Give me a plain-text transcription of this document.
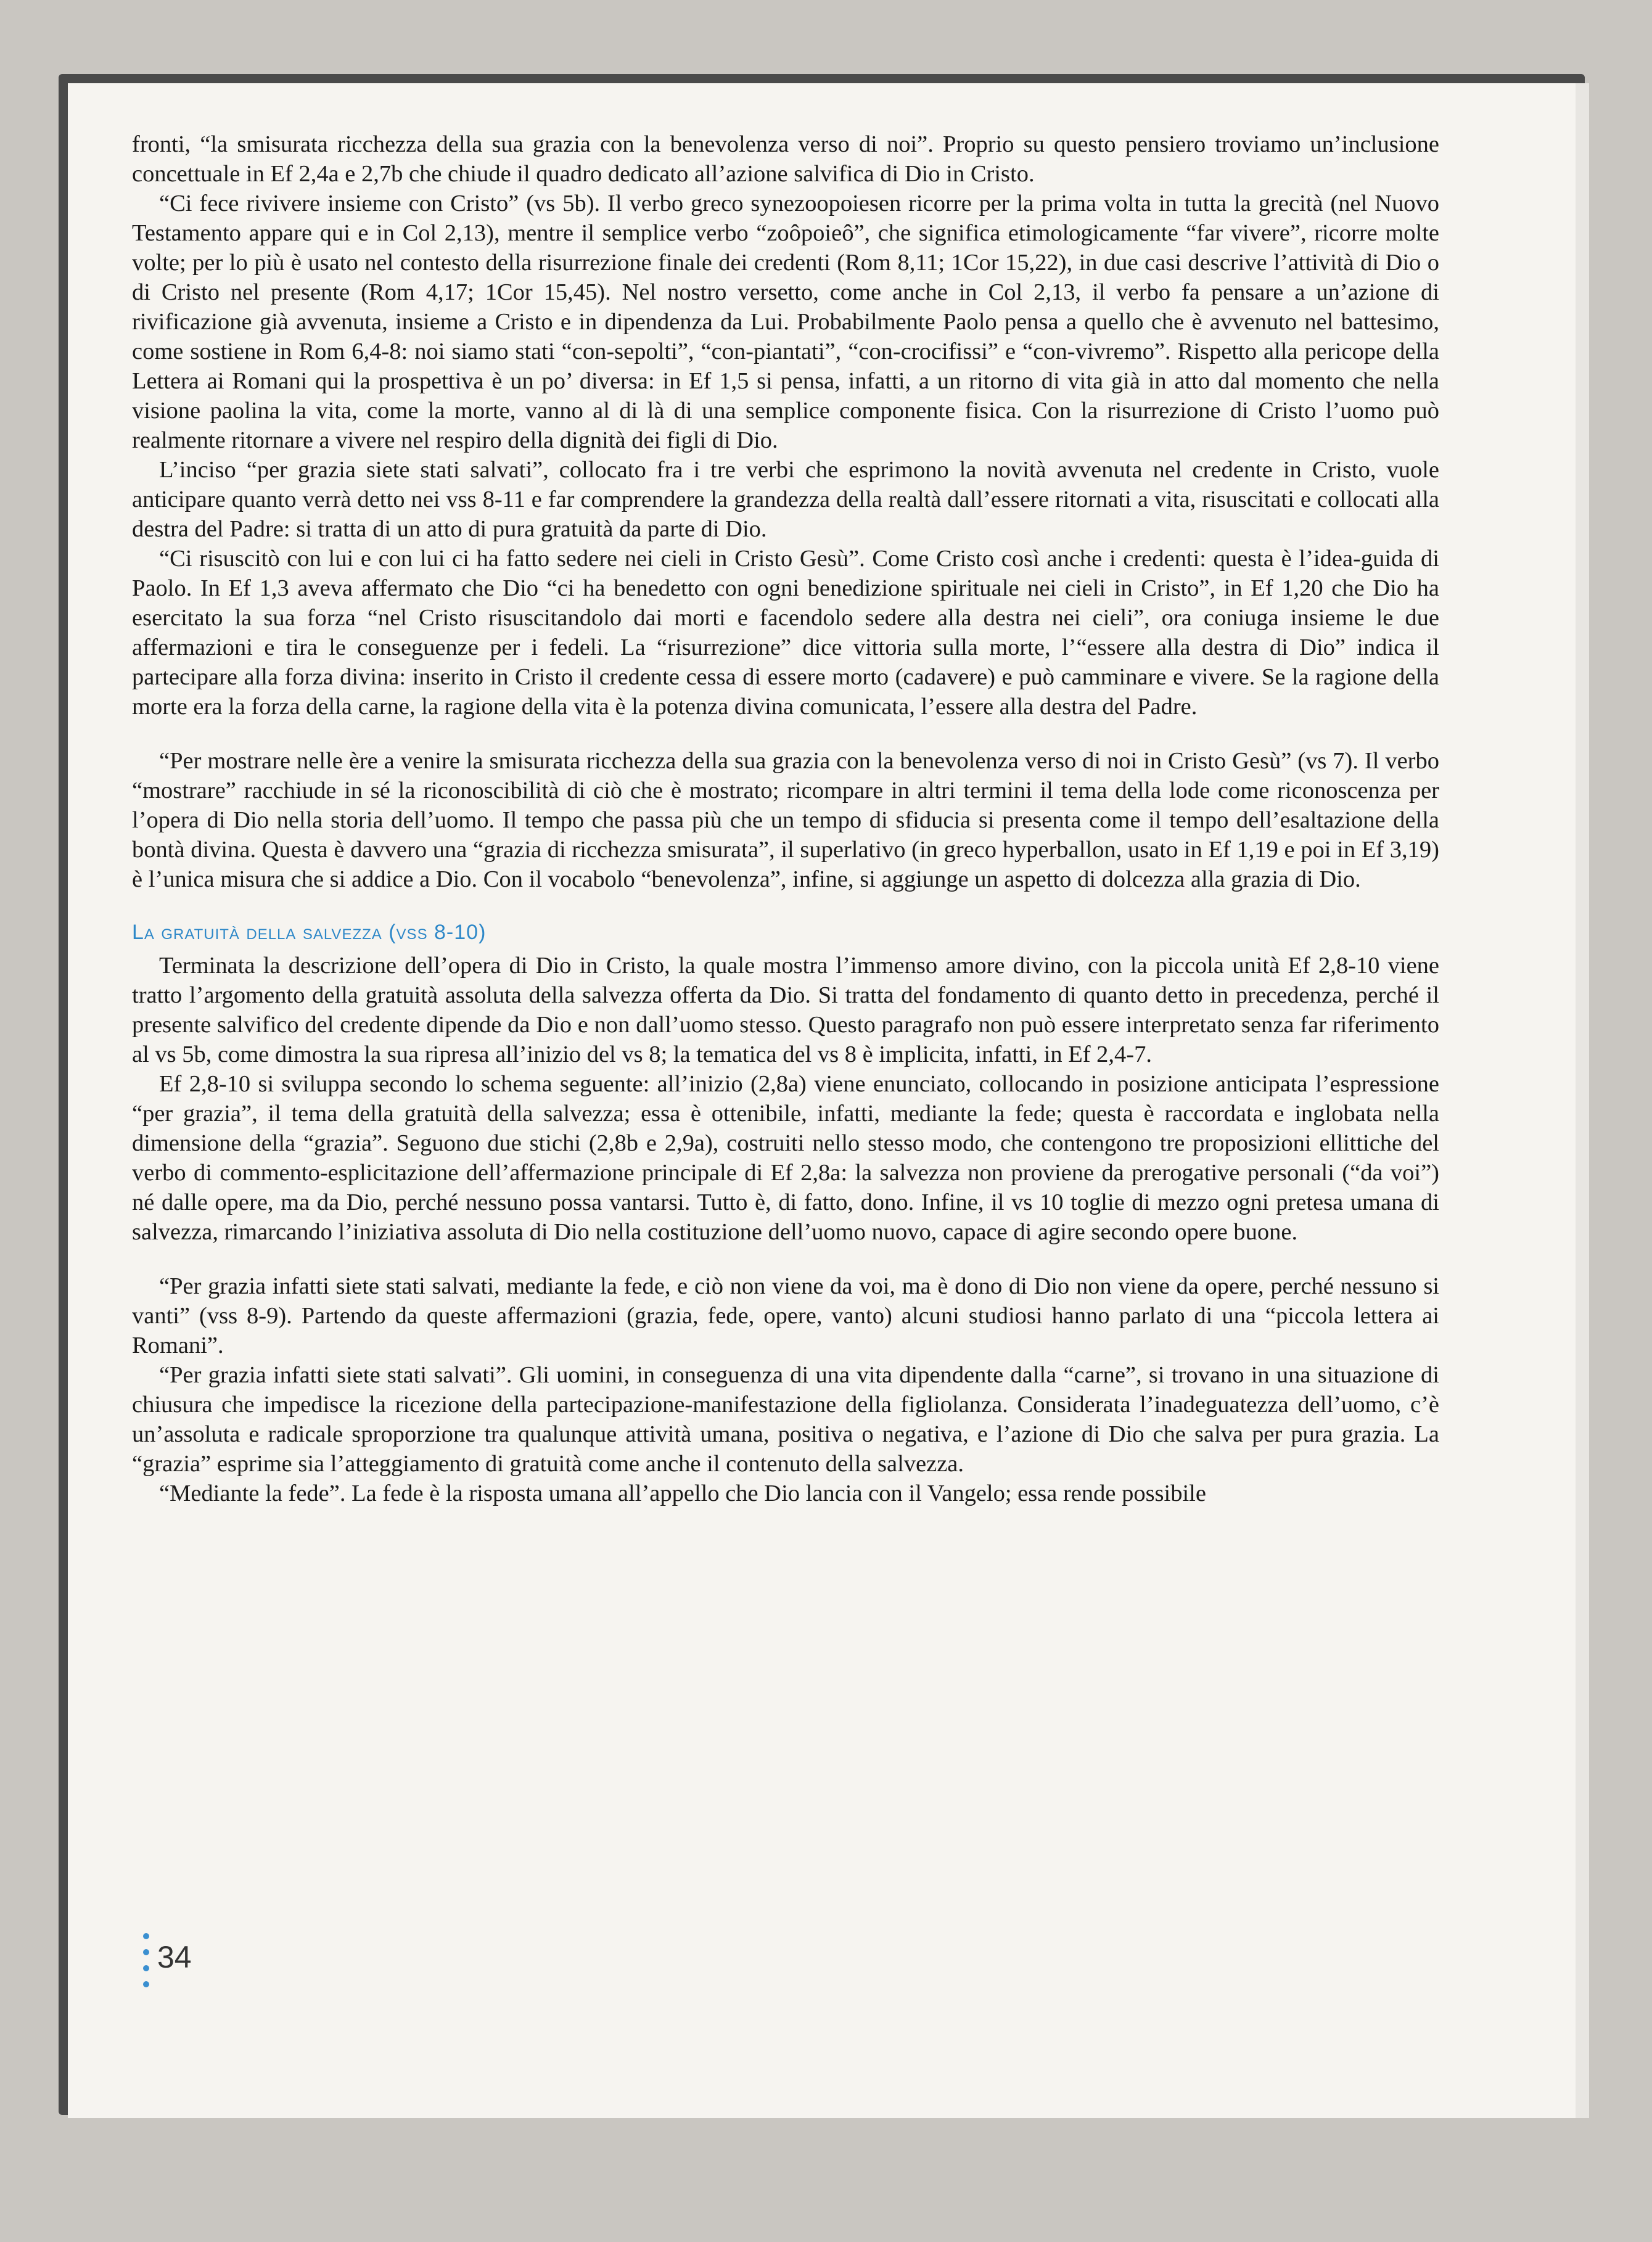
fronti, “la smisurata ricchezza della sua grazia con la benevolenza verso di noi”. Proprio su questo pensiero troviamo un’inclusione concettuale in Ef 2,4a e 2,7b che chiude il quadro dedicato all’azione salvifica di Dio in Cristo.

“Ci fece rivivere insieme con Cristo” (vs 5b). Il verbo greco synezoopoiesen ricorre per la prima volta in tutta la grecità (nel Nuovo Testamento appare qui e in Col 2,13), mentre il semplice verbo “zoôpoieô”, che significa etimologicamente “far vivere”, ricorre molte volte; per lo più è usato nel contesto della risurrezione finale dei credenti (Rom 8,11; 1Cor 15,22), in due casi descrive l’attività di Dio o di Cristo nel presente (Rom 4,17; 1Cor 15,45). Nel nostro versetto, come anche in Col 2,13, il verbo fa pensare a un’azione di rivificazione già avvenuta, insieme a Cristo e in dipendenza da Lui. Probabilmente Paolo pensa a quello che è avvenuto nel battesimo, come sostiene in Rom 6,4-8: noi siamo stati “con-sepolti”, “con-piantati”, “con-crocifissi” e “con-vivremo”. Rispetto alla pericope della Lettera ai Romani qui la prospettiva è un po’ diversa: in Ef 1,5 si pensa, infatti, a un ritorno di vita già in atto dal momento che nella visione paolina la vita, come la morte, vanno al di là di una semplice componente fisica. Con la risurrezione di Cristo l’uomo può realmente ritornare a vivere nel respiro della dignità dei figli di Dio.

L’inciso “per grazia siete stati salvati”, collocato fra i tre verbi che esprimono la novità avvenuta nel credente in Cristo, vuole anticipare quanto verrà detto nei vss 8-11 e far comprendere la grandezza della realtà dall’essere ritornati a vita, risuscitati e collocati alla destra del Padre: si tratta di un atto di pura gratuità da parte di Dio.

“Ci risuscitò con lui e con lui ci ha fatto sedere nei cieli in Cristo Gesù”. Come Cristo così anche i credenti: questa è l’idea-guida di Paolo. In Ef 1,3 aveva affermato che Dio “ci ha benedetto con ogni benedizione spirituale nei cieli in Cristo”, in Ef 1,20 che Dio ha esercitato la sua forza “nel Cristo risuscitandolo dai morti e facendolo sedere alla destra nei cieli”, ora coniuga insieme le due affermazioni e tira le conseguenze per i fedeli. La “risurrezione” dice vittoria sulla morte, l’“essere alla destra di Dio” indica il partecipare alla forza divina: inserito in Cristo il credente cessa di essere morto (cadavere) e può camminare e vivere. Se la ragione della morte era la forza della carne, la ragione della vita è la potenza divina comunicata, l’essere alla destra del Padre.

“Per mostrare nelle ère a venire la smisurata ricchezza della sua grazia con la benevolenza verso di noi in Cristo Gesù” (vs 7). Il verbo “mostrare” racchiude in sé la riconoscibilità di ciò che è mostrato; ricompare in altri termini il tema della lode come riconoscenza per l’opera di Dio nella storia dell’uomo. Il tempo che passa più che un tempo di sfiducia si presenta come il tempo dell’esaltazione della bontà divina. Questa è davvero una “grazia di ricchezza smisurata”, il superlativo (in greco hyperballon, usato in Ef 1,19 e poi in Ef 3,19) è l’unica misura che si addice a Dio. Con il vocabolo “benevolenza”, infine, si aggiunge un aspetto di dolcezza alla grazia di Dio.

La gratuità della salvezza (vss 8-10)

Terminata la descrizione dell’opera di Dio in Cristo, la quale mostra l’immenso amore divino, con la piccola unità Ef 2,8-10 viene tratto l’argomento della gratuità assoluta della salvezza offerta da Dio. Si tratta del fondamento di quanto detto in precedenza, perché il presente salvifico del credente dipende da Dio e non dall’uomo stesso. Questo paragrafo non può essere interpretato senza far riferimento al vs 5b, come dimostra la sua ripresa all’inizio del vs 8; la tematica del vs 8 è implicita, infatti, in Ef 2,4-7.

Ef 2,8-10 si sviluppa secondo lo schema seguente: all’inizio (2,8a) viene enunciato, collocando in posizione anticipata l’espressione “per grazia”, il tema della gratuità della salvezza; essa è ottenibile, infatti, mediante la fede; questa è raccordata e inglobata nella dimensione della “grazia”. Seguono due stichi (2,8b e 2,9a), costruiti nello stesso modo, che contengono tre proposizioni ellittiche del verbo di commento-esplicitazione dell’affermazione principale di Ef 2,8a: la salvezza non proviene da prerogative personali (“da voi”) né dalle opere, ma da Dio, perché nessuno possa vantarsi. Tutto è, di fatto, dono. Infine, il vs 10 toglie di mezzo ogni pretesa umana di salvezza, rimarcando l’iniziativa assoluta di Dio nella costituzione dell’uomo nuovo, capace di agire secondo opere buone.

“Per grazia infatti siete stati salvati, mediante la fede, e ciò non viene da voi, ma è dono di Dio non viene da opere, perché nessuno si vanti” (vss 8-9). Partendo da queste affermazioni (grazia, fede, opere, vanto) alcuni studiosi hanno parlato di una “piccola lettera ai Romani”.

“Per grazia infatti siete stati salvati”. Gli uomini, in conseguenza di una vita dipendente dalla “carne”, si trovano in una situazione di chiusura che impedisce la ricezione della partecipazione-manifestazione della figliolanza. Considerata l’inadeguatezza dell’uomo, c’è un’assoluta e radicale sproporzione tra qualunque attività umana, positiva o negativa, e l’azione di Dio che salva per pura grazia. La “grazia” esprime sia l’atteggiamento di gratuità come anche il contenuto della salvezza.

“Mediante la fede”. La fede è la risposta umana all’appello che Dio lancia con il Vangelo; essa rende possibile

34
